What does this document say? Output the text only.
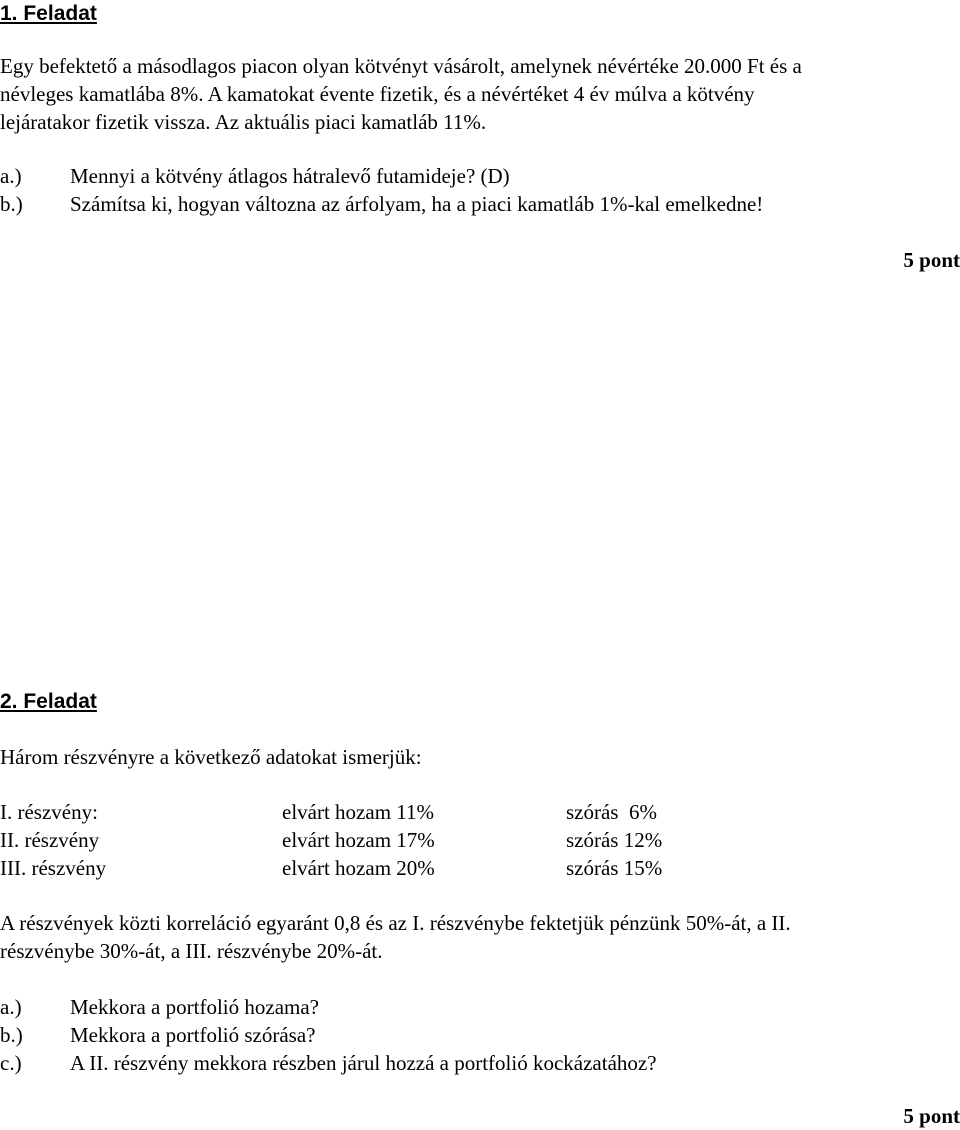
1. Feladat
Egy befektető a másodlagos piacon olyan kötvényt vásárolt, amelynek névértéke 20.000 Ft és a
névleges kamatlába 8%. A kamatokat évente fizetik, és a névértéket 4 év múlva a kötvény
lejáratakor fizetik vissza. Az aktuális piaci kamatláb 11%.
a.) Mennyi a kötvény átlagos hátralevő futamideje? (D)
b.) Számítsa ki, hogyan változna az árfolyam, ha a piaci kamatláb 1%-kal emelkedne!
5 pont
2. Feladat
Három részvényre a következő adatokat ismerjük:
I. részvény:	elvárt hozam 11%	szórás  6%
II. részvény	elvárt hozam 17%	szórás 12%
III. részvény	elvárt hozam 20%	szórás 15%
A részvények közti korreláció egyaránt 0,8 és az I. részvénybe fektetjük pénzünk 50%-át, a II.
részvénybe 30%-át, a III. részvénybe 20%-át.
a.) Mekkora a portfolió hozama?
b.) Mekkora a portfolió szórása?
c.) A II. részvény mekkora részben járul hozzá a portfolió kockázatához?
5 pont
